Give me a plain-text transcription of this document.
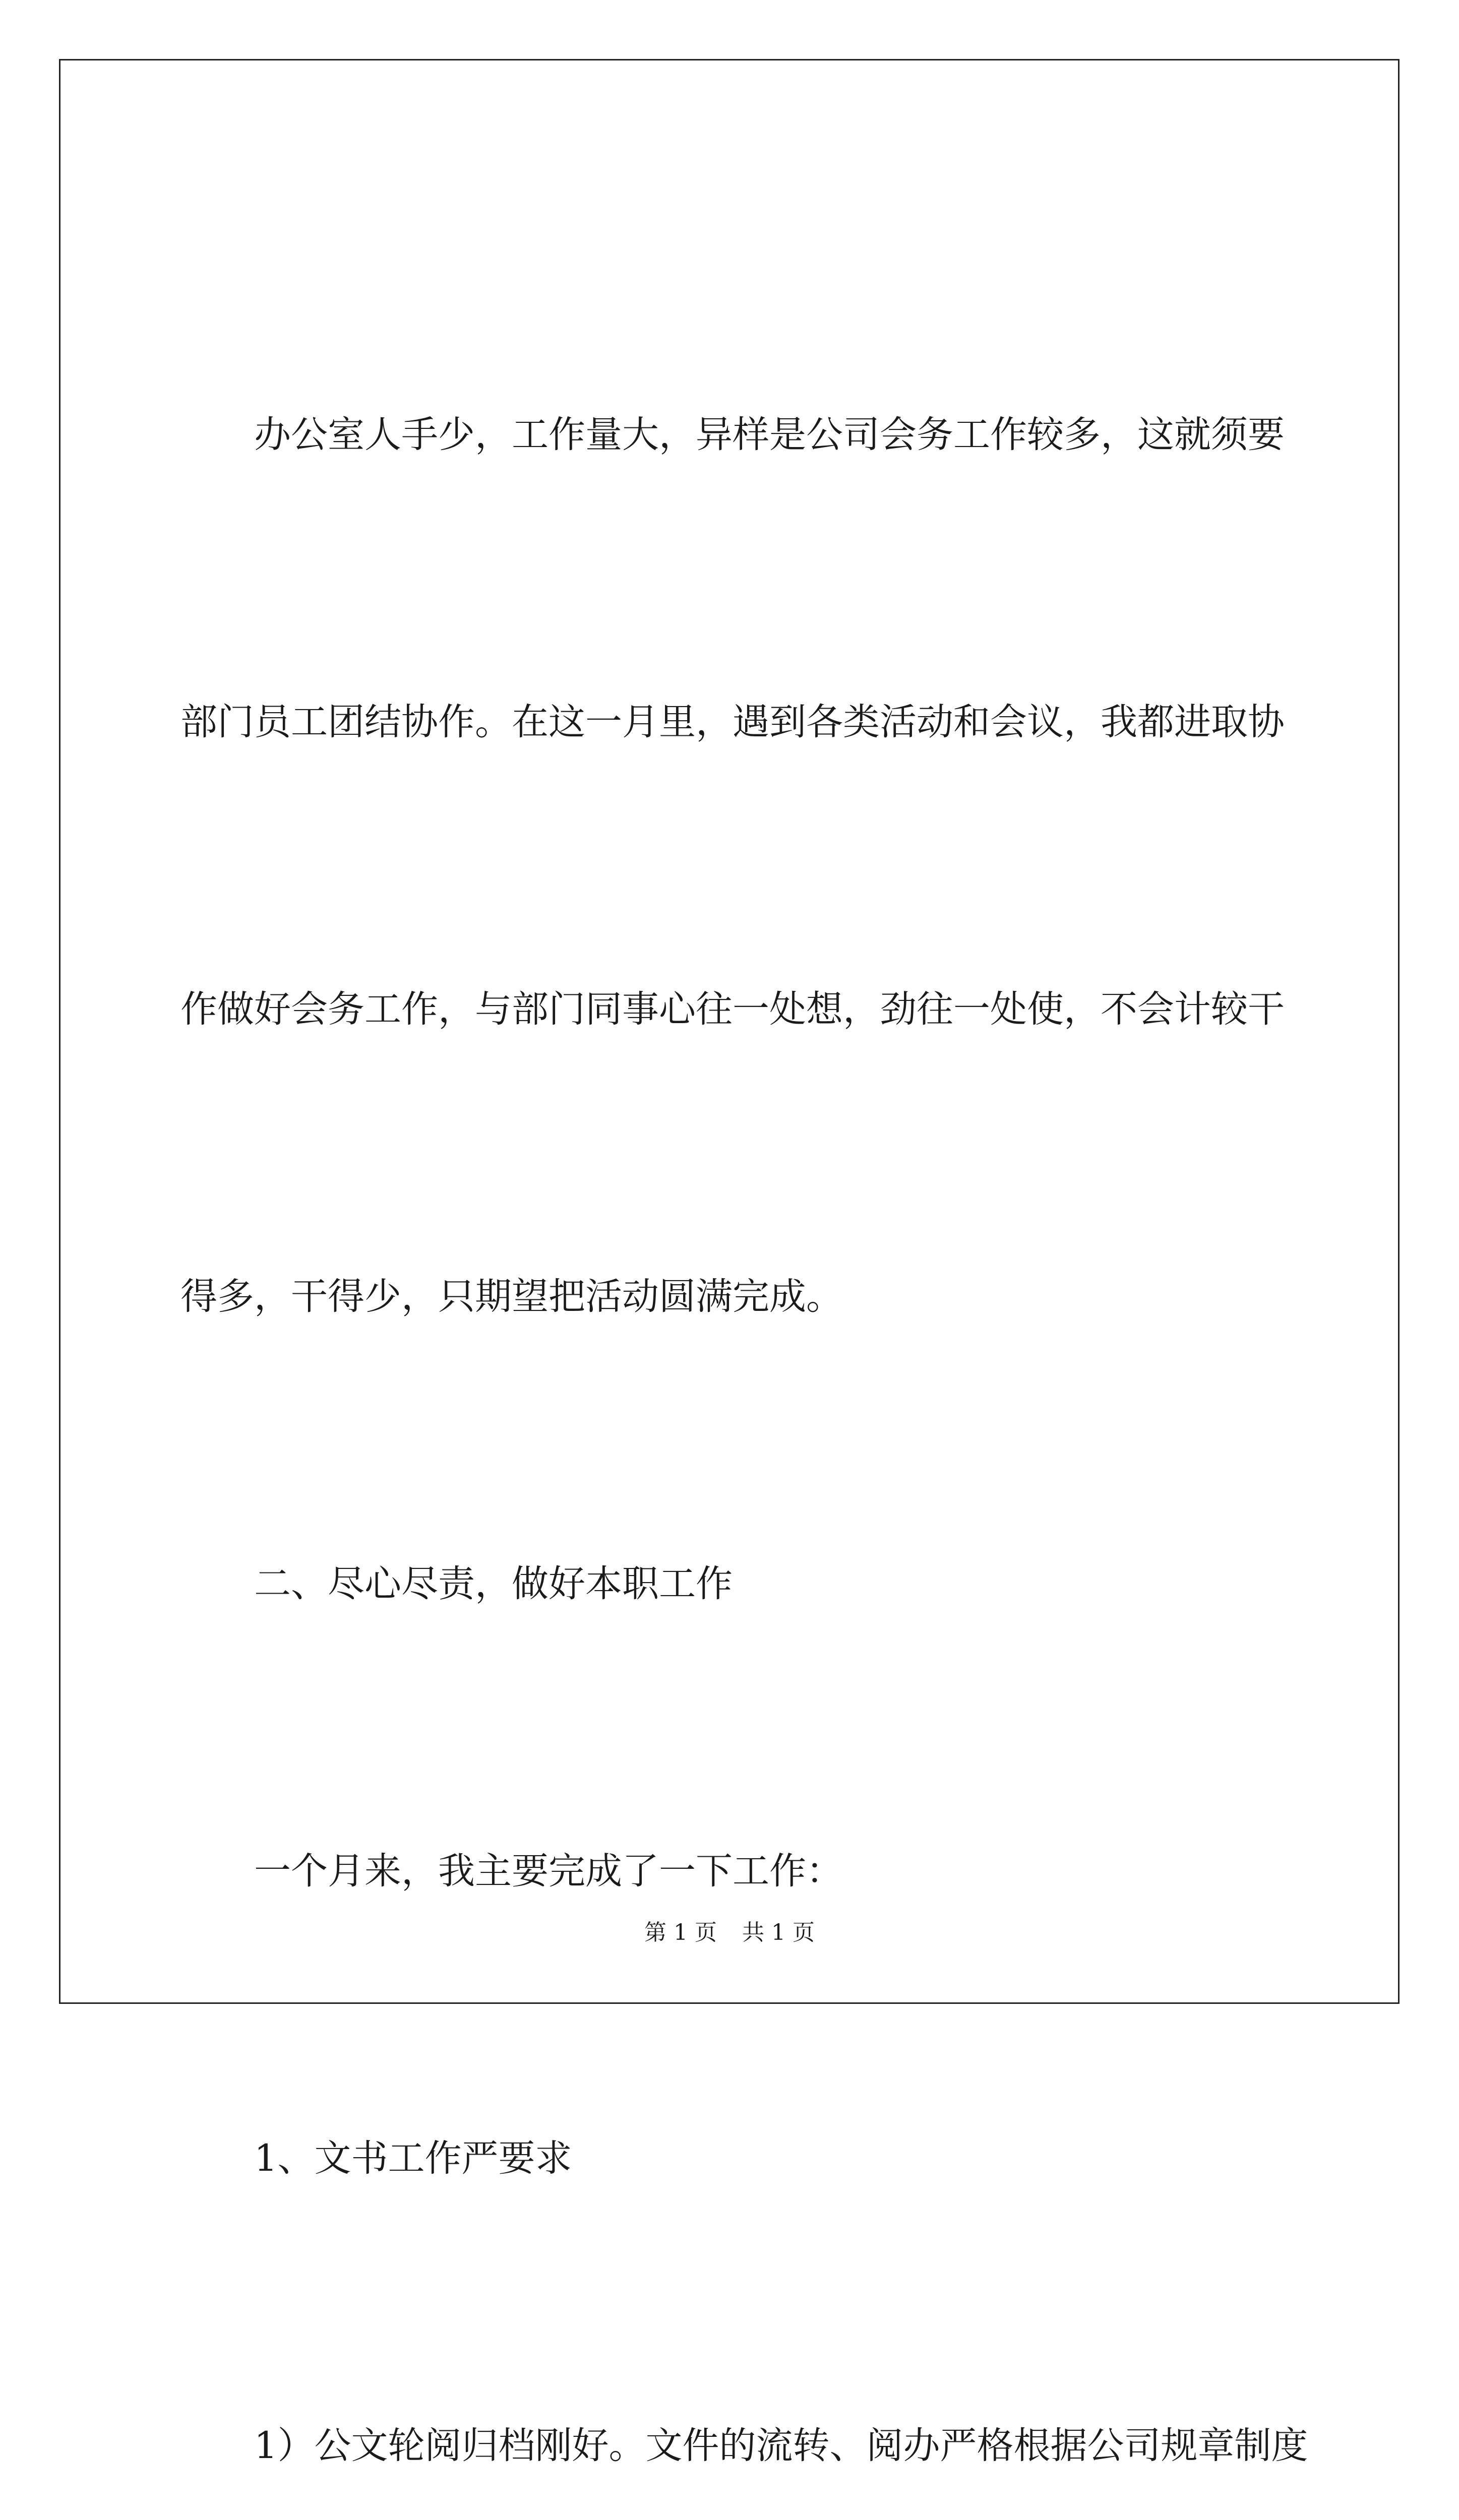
　　办公室人手少，工作量大，异样是公司会务工作较多，这就须要

部门员工团结协作。在这一月里，遇到各类活动和会议，我都进取协

作做好会务工作，与部门同事心往一处想，劲往一处使，不会计较干

得多，干得少，只期望把活动圆满完成。

　　二、尽心尽责，做好本职工作

　　一个月来，我主要完成了一下工作：

　　1、文书工作严要求

　　1）公文轮阅归档刚好。文件的流转、阅办严格根据公司规章制度

第 1 页 共 1 页
